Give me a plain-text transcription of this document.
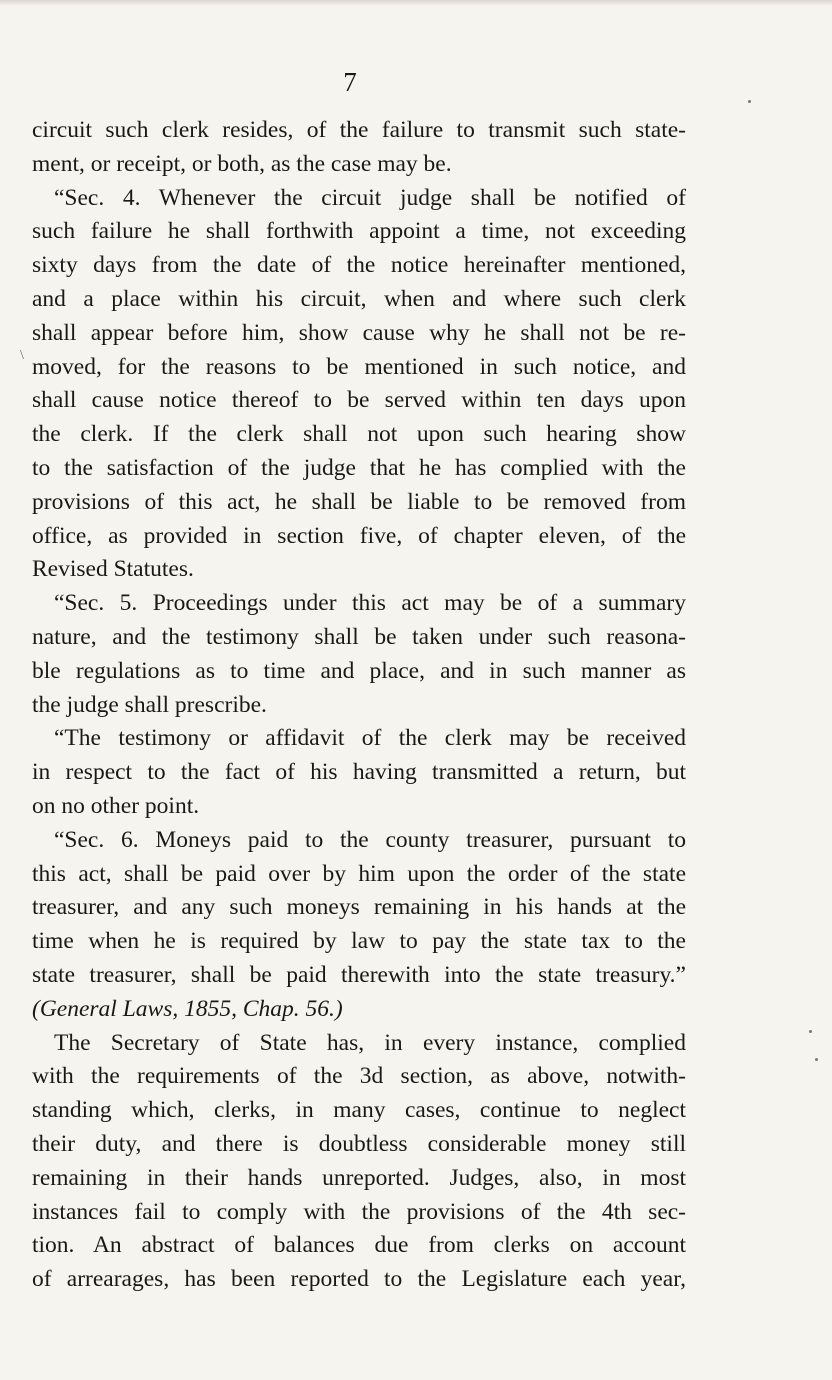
7
circuit such clerk resides, of the failure to transmit such state-
ment, or receipt, or both, as the case may be.
“Sec. 4. Whenever the circuit judge shall be notified of
such failure he shall forthwith appoint a time, not exceeding
sixty days from the date of the notice hereinafter mentioned,
and a place within his circuit, when and where such clerk
shall appear before him, show cause why he shall not be re-
moved, for the reasons to be mentioned in such notice, and
shall cause notice thereof to be served within ten days upon
the clerk. If the clerk shall not upon such hearing show
to the satisfaction of the judge that he has complied with the
provisions of this act, he shall be liable to be removed from
office, as provided in section five, of chapter eleven, of the
Revised Statutes.
“Sec. 5. Proceedings under this act may be of a summary
nature, and the testimony shall be taken under such reasona-
ble regulations as to time and place, and in such manner as
the judge shall prescribe.
“The testimony or affidavit of the clerk may be received
in respect to the fact of his having transmitted a return, but
on no other point.
“Sec. 6. Moneys paid to the county treasurer, pursuant to
this act, shall be paid over by him upon the order of the state
treasurer, and any such moneys remaining in his hands at the
time when he is required by law to pay the state tax to the
state treasurer, shall be paid therewith into the state treasury.”
(General Laws, 1855, Chap. 56.)
The Secretary of State has, in every instance, complied
with the requirements of the 3d section, as above, notwith-
standing which, clerks, in many cases, continue to neglect
their duty, and there is doubtless considerable money still
remaining in their hands unreported. Judges, also, in most
instances fail to comply with the provisions of the 4th sec-
tion. An abstract of balances due from clerks on account
of arrearages, has been reported to the Legislature each year,
\
